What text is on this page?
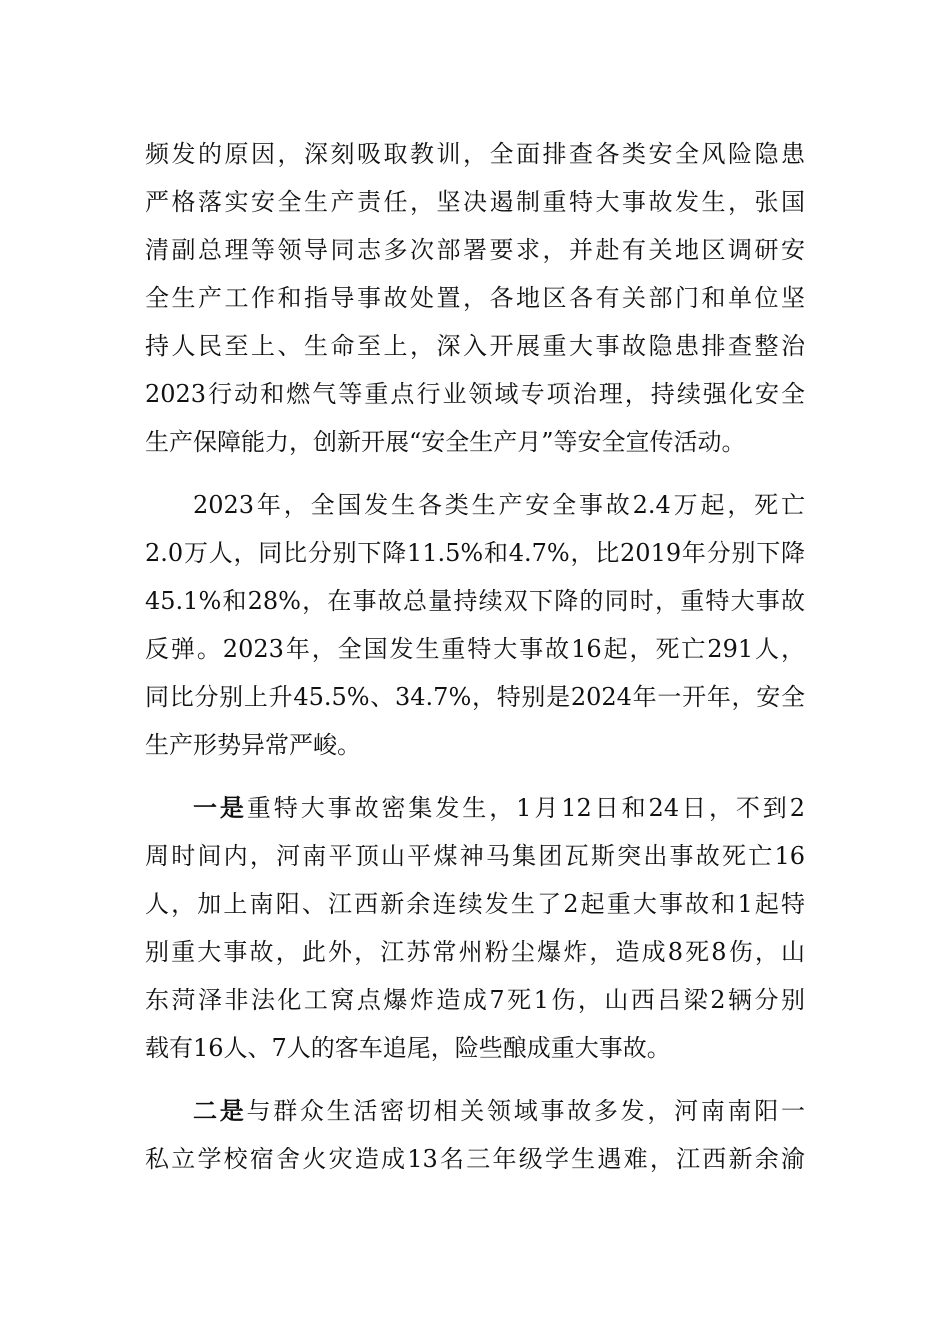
频发的原因，深刻吸取教训，全面排查各类安全风险隐患
严格落实安全生产责任，坚决遏制重特大事故发生，张国
清副总理等领导同志多次部署要求，并赴有关地区调研安
全生产工作和指导事故处置，各地区各有关部门和单位坚
持人民至上、生命至上，深入开展重大事故隐患排查整治
2023行动和燃气等重点行业领域专项治理，持续强化安全
生产保障能力，创新开展“安全生产月”等安全宣传活动。
2023年，全国发生各类生产安全事故2.4万起，死亡
2.0万人，同比分别下降11.5%和4.7%，比2019年分别下降
45.1%和28%，在事故总量持续双下降的同时，重特大事故
反弹。2023年，全国发生重特大事故16起，死亡291人，
同比分别上升45.5%、34.7%，特别是2024年一开年，安全
生产形势异常严峻。
一是重特大事故密集发生，1月12日和24日，不到2
周时间内，河南平顶山平煤神马集团瓦斯突出事故死亡16
人，加上南阳、江西新余连续发生了2起重大事故和1起特
别重大事故，此外，江苏常州粉尘爆炸，造成8死8伤，山
东菏泽非法化工窝点爆炸造成7死1伤，山西吕梁2辆分别
载有16人、7人的客车追尾，险些酿成重大事故。
二是与群众生活密切相关领域事故多发，河南南阳一
私立学校宿舍火灾造成13名三年级学生遇难，江西新余渝
